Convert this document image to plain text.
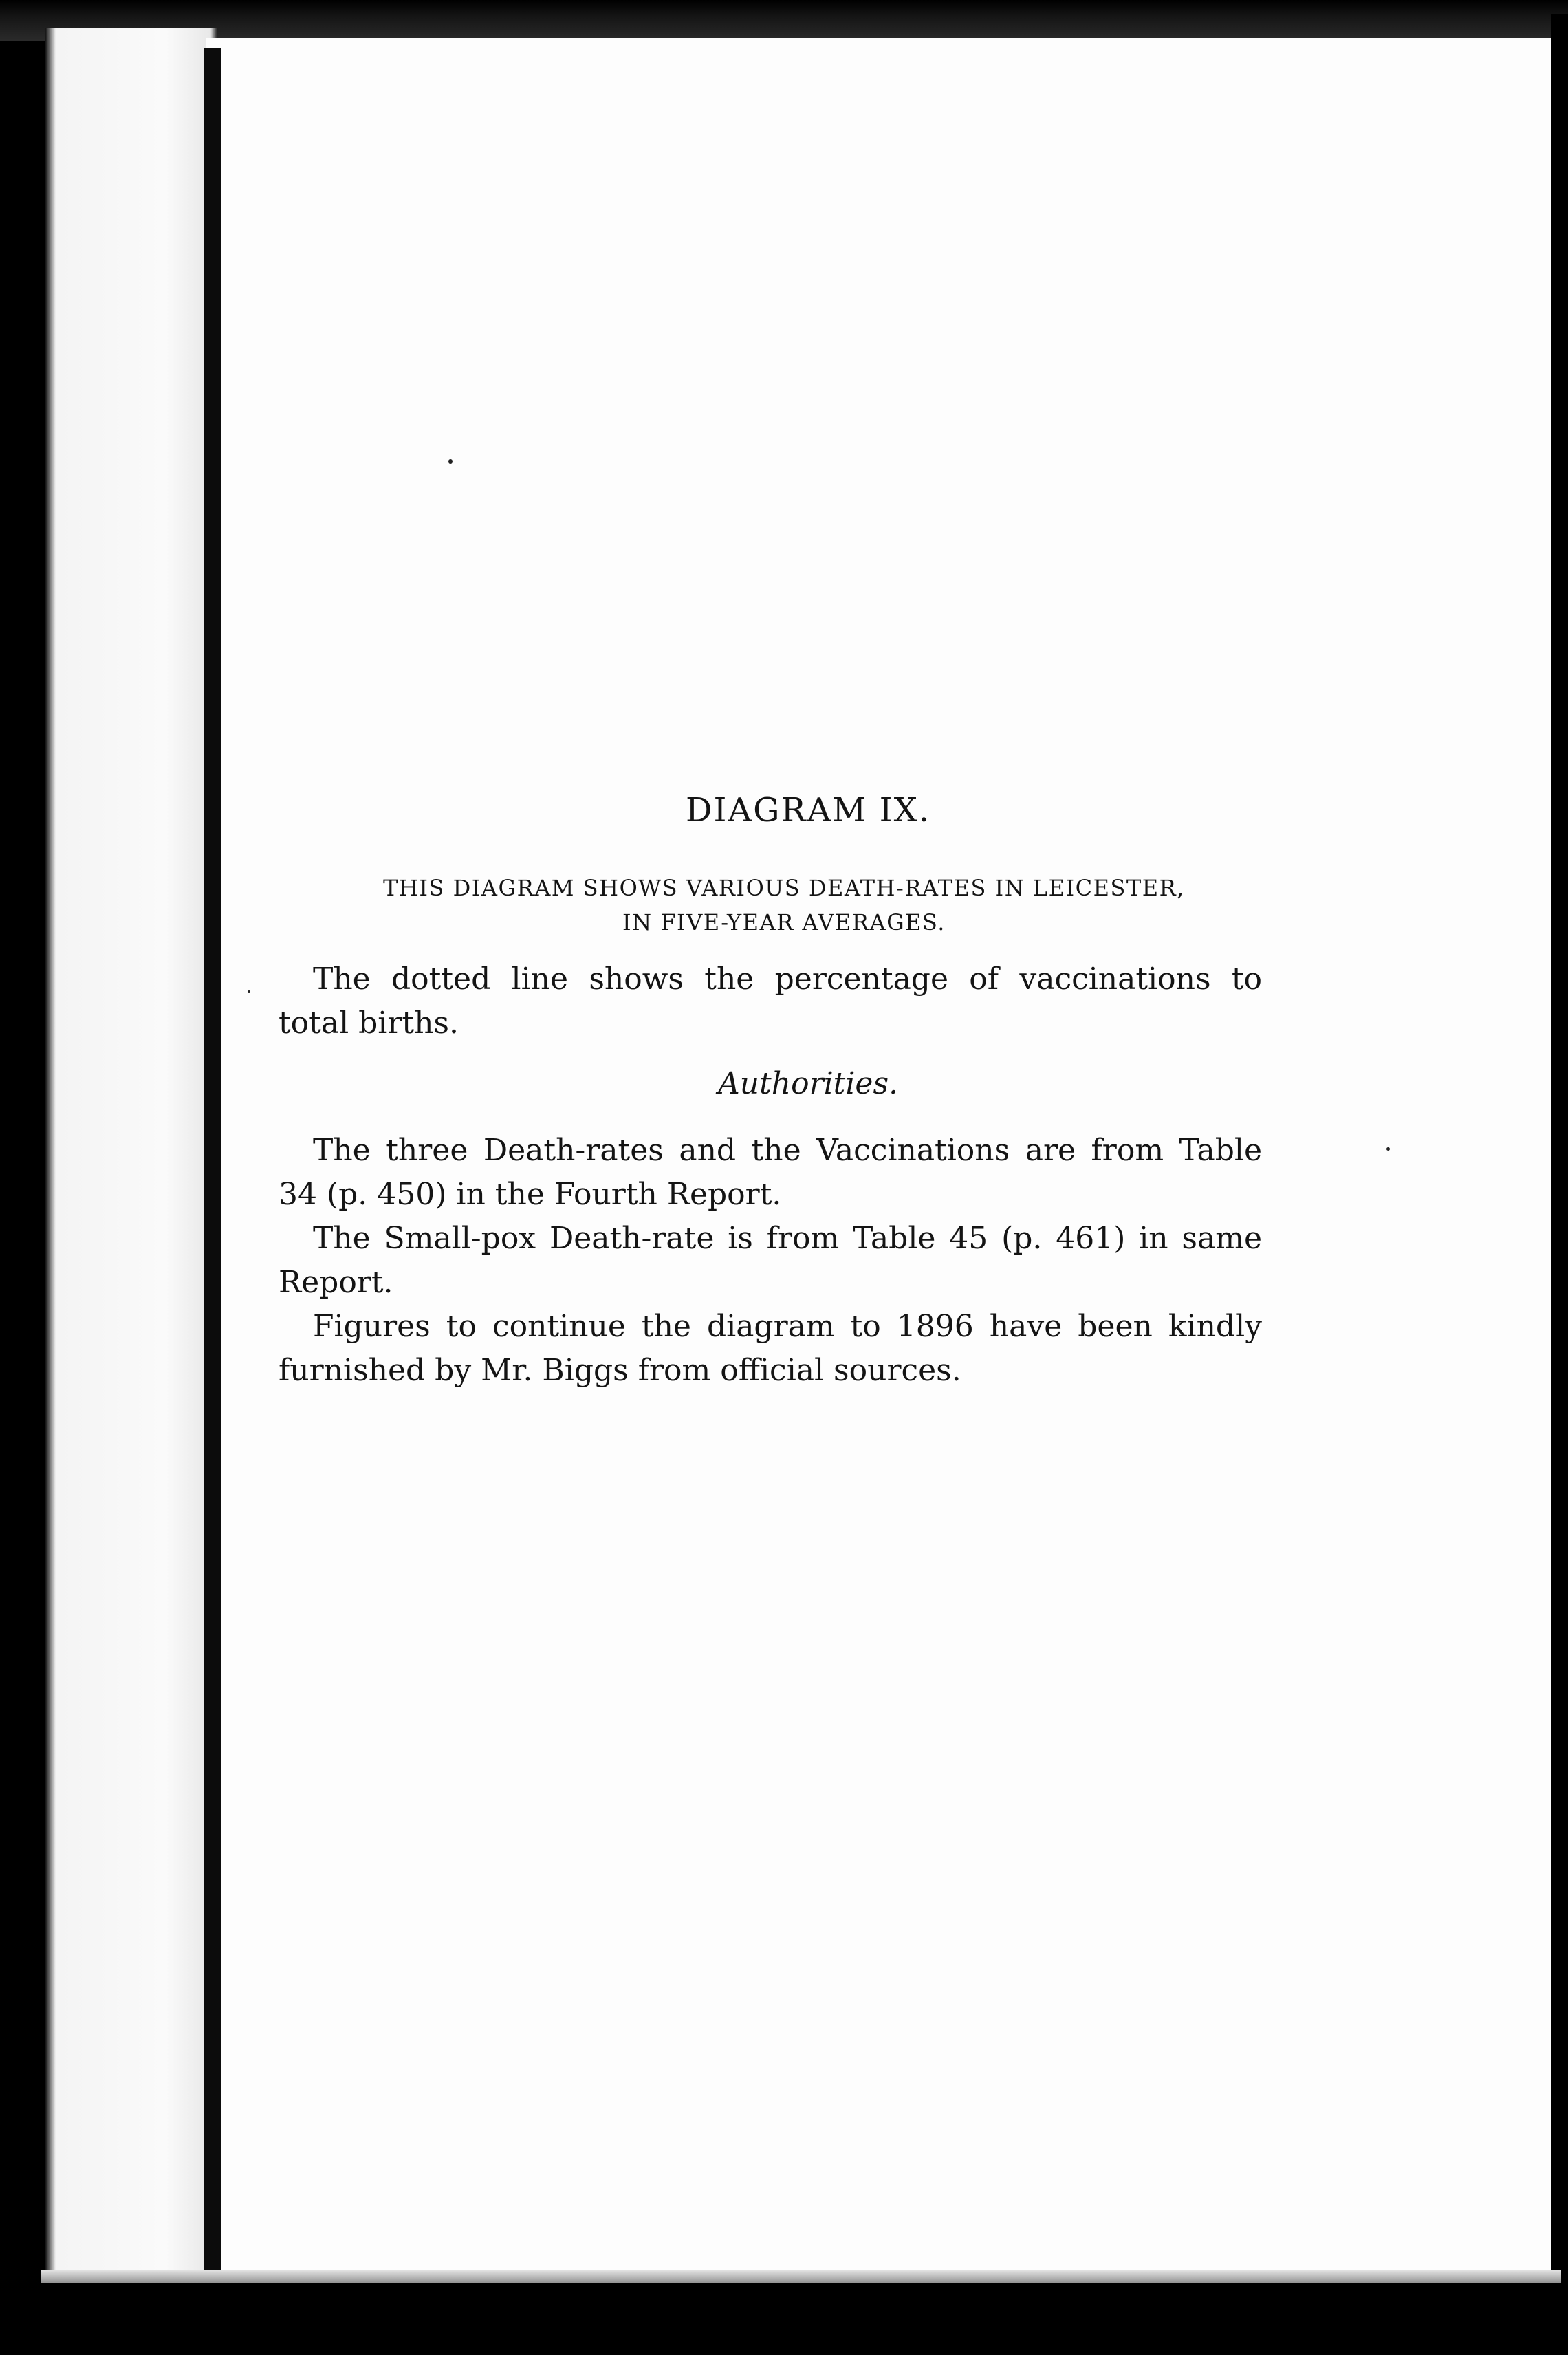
DIAGRAM IX.
THIS DIAGRAM SHOWS VARIOUS DEATH-RATES IN LEICESTER,
IN FIVE-YEAR AVERAGES.

The dotted line shows the percentage of vaccinations to
total births.

Authorities.

The three Death-rates and the Vaccinations are from Table
34 (p. 450) in the Fourth Report.

The Small-pox Death-rate is from Table 45 (p. 461) in same
Report.

Figures to continue the diagram to 1896 have been kindly
furnished by Mr. Biggs from official sources.
